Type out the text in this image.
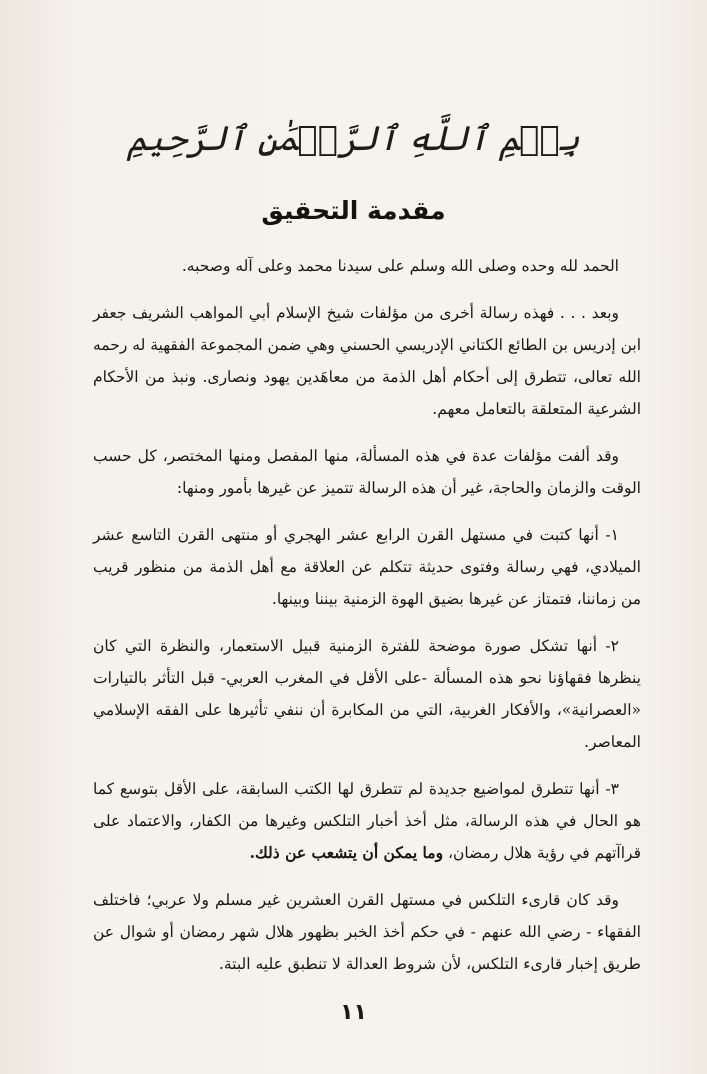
بِسۡمِ ٱللَّهِ ٱلرَّحۡمَٰنِ ٱلرَّحِيمِ
مقدمة التحقيق

الحمد لله وحده وصلى الله وسلم على سيدنا محمد وعلى آله وصحبه.

وبعد . . . فهذه رسالة أخرى من مؤلفات شيخ الإسلام أبي المواهب الشريف جعفر ابن إدريس بن الطائع الكتاني الإدريسي الحسني وهي ضمن المجموعة الفقهية له رحمه الله تعالى، تتطرق إلى أحكام أهل الذمة من معاهَدين يهود ونصارى. ونبذ من الأحكام الشرعية المتعلقة بالتعامل معهم.

وقد ألفت مؤلفات عدة في هذه المسألة، منها المفصل ومنها المختصر، كل حسب الوقت والزمان والحاجة، غير أن هذه الرسالة تتميز عن غيرها بأمور ومنها:

١- أنها كتبت في مستهل القرن الرابع عشر الهجري أو منتهى القرن التاسع عشر الميلادي، فهي رسالة وفتوى حديثة تتكلم عن العلاقة مع أهل الذمة من منظور قريب من زماننا، فتمتاز عن غيرها بضيق الهوة الزمنية بيننا وبينها.

٢- أنها تشكل صورة موضحة للفترة الزمنية قبيل الاستعمار، والنظرة التي كان ينظرها فقهاؤنا نحو هذه المسألة -على الأقل في المغرب العربي- قبل التأثر بالتيارات «العصرانية»، والأفكار الغربية، التي من المكابرة أن ننفي تأثيرها على الفقه الإسلامي المعاصر.

٣- أنها تتطرق لمواضيع جديدة لم تتطرق لها الكتب السابقة، على الأقل بتوسع كما هو الحال في هذه الرسالة، مثل أخذ أخبار التلكس وغيرها من الكفار، والاعتماد على قراآتهم في رؤية هلال رمضان، وما يمكن أن يتشعب عن ذلك.

وقد كان قارىء التلكس في مستهل القرن العشرين غير مسلم ولا عربي؛ فاختلف الفقهاء - رضي الله عنهم - في حكم أخذ الخبر بظهور هلال شهر رمضان أو شوال عن طريق إخبار قارىء التلكس، لأن شروط العدالة لا تنطبق عليه البتة.

١١
